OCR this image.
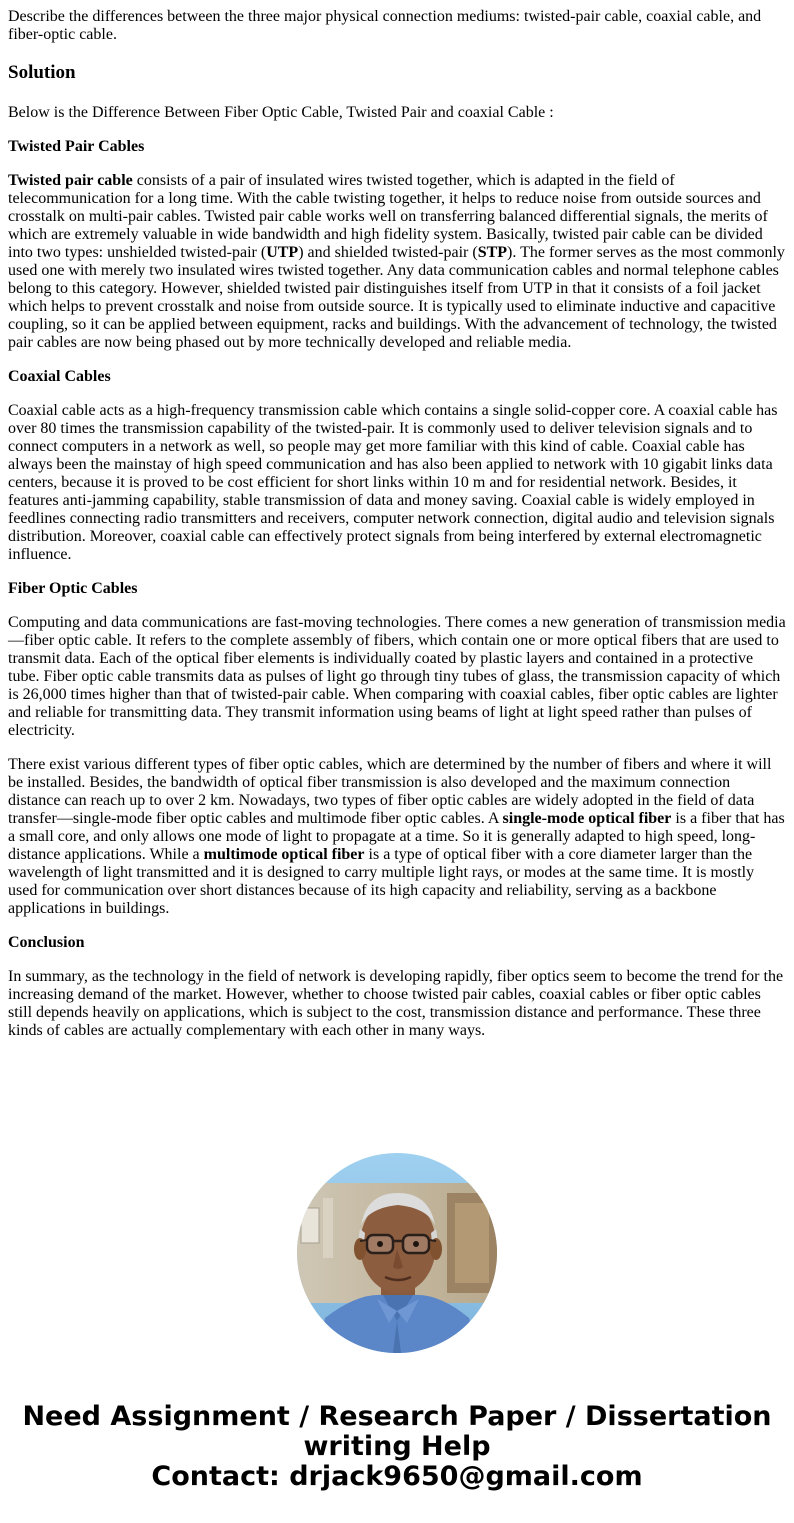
Describe the differences between the three major physical connection mediums: twisted-pair cable, coaxial cable, and fiber-optic cable.

Solution

Below is the Difference Between Fiber Optic Cable, Twisted Pair and coaxial Cable :

Twisted Pair Cables

Twisted pair cable consists of a pair of insulated wires twisted together, which is adapted in the field of telecommunication for a long time. With the cable twisting together, it helps to reduce noise from outside sources and crosstalk on multi-pair cables. Twisted pair cable works well on transferring balanced differential signals, the merits of which are extremely valuable in wide bandwidth and high fidelity system. Basically, twisted pair cable can be divided into two types: unshielded twisted-pair (UTP) and shielded twisted-pair (STP). The former serves as the most commonly used one with merely two insulated wires twisted together. Any data communication cables and normal telephone cables belong to this category. However, shielded twisted pair distinguishes itself from UTP in that it consists of a foil jacket which helps to prevent crosstalk and noise from outside source. It is typically used to eliminate inductive and capacitive coupling, so it can be applied between equipment, racks and buildings. With the advancement of technology, the twisted pair cables are now being phased out by more technically developed and reliable media.

Coaxial Cables

Coaxial cable acts as a high-frequency transmission cable which contains a single solid-copper core. A coaxial cable has over 80 times the transmission capability of the twisted-pair. It is commonly used to deliver television signals and to connect computers in a network as well, so people may get more familiar with this kind of cable. Coaxial cable has always been the mainstay of high speed communication and has also been applied to network with 10 gigabit links data centers, because it is proved to be cost efficient for short links within 10 m and for residential network. Besides, it features anti-jamming capability, stable transmission of data and money saving. Coaxial cable is widely employed in feedlines connecting radio transmitters and receivers, computer network connection, digital audio and television signals distribution. Moreover, coaxial cable can effectively protect signals from being interfered by external electromagnetic influence.

Fiber Optic Cables

Computing and data communications are fast-moving technologies. There comes a new generation of transmission media—fiber optic cable. It refers to the complete assembly of fibers, which contain one or more optical fibers that are used to transmit data. Each of the optical fiber elements is individually coated by plastic layers and contained in a protective tube. Fiber optic cable transmits data as pulses of light go through tiny tubes of glass, the transmission capacity of which is 26,000 times higher than that of twisted-pair cable. When comparing with coaxial cables, fiber optic cables are lighter and reliable for transmitting data. They transmit information using beams of light at light speed rather than pulses of electricity.

There exist various different types of fiber optic cables, which are determined by the number of fibers and where it will be installed. Besides, the bandwidth of optical fiber transmission is also developed and the maximum connection distance can reach up to over 2 km. Nowadays, two types of fiber optic cables are widely adopted in the field of data transfer—single-mode fiber optic cables and multimode fiber optic cables. A single-mode optical fiber is a fiber that has a small core, and only allows one mode of light to propagate at a time. So it is generally adapted to high speed, long-distance applications. While a multimode optical fiber is a type of optical fiber with a core diameter larger than the wavelength of light transmitted and it is designed to carry multiple light rays, or modes at the same time. It is mostly used for communication over short distances because of its high capacity and reliability, serving as a backbone applications in buildings.

Conclusion

In summary, as the technology in the field of network is developing rapidly, fiber optics seem to become the trend for the increasing demand of the market. However, whether to choose twisted pair cables, coaxial cables or fiber optic cables still depends heavily on applications, which is subject to the cost, transmission distance and performance. These three kinds of cables are actually complementary with each other in many ways.

Need Assignment / Research Paper / Dissertation
writing Help
Contact: drjack9650@gmail.com
